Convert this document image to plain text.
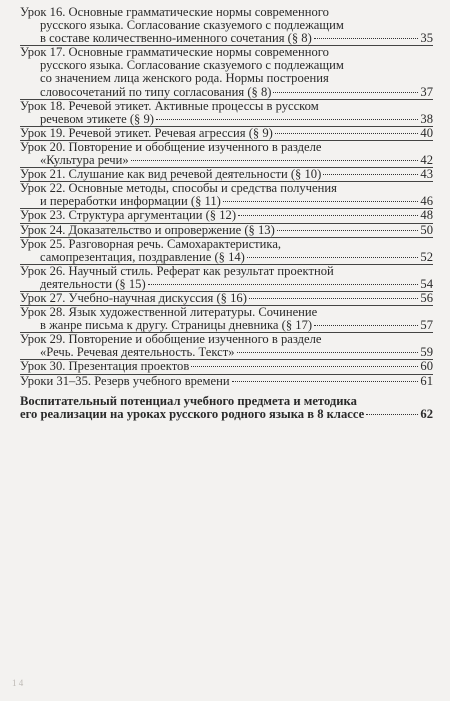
Урок 16. Основные грамматические нормы современного
русского языка. Согласование сказуемого с подлежащим
в составе количественно-именного сочетания (§ 8)	35
Урок 17. Основные грамматические нормы современного
русского языка. Согласование сказуемого с подлежащим
со значением лица женского рода. Нормы построения
словосочетаний по типу согласования (§ 8)	37
Урок 18. Речевой этикет. Активные процессы в русском
речевом этикете (§ 9)	38
Урок 19. Речевой этикет. Речевая агрессия (§ 9)	40
Урок 20. Повторение и обобщение изученного в разделе
«Культура речи»	42
Урок 21. Слушание как вид речевой деятельности (§ 10)	43
Урок 22. Основные методы, способы и средства получения
и переработки информации (§ 11)	46
Урок 23. Структура аргументации (§ 12)	48
Урок 24. Доказательство и опровержение (§ 13)	50
Урок 25. Разговорная речь. Самохарактеристика,
самопрезентация, поздравление (§ 14)	52
Урок 26. Научный стиль. Реферат как результат проектной
деятельности (§ 15)	54
Урок 27. Учебно-научная дискуссия (§ 16)	56
Урок 28. Язык художественной литературы. Сочинение
в жанре письма к другу. Страницы дневника (§ 17)	57
Урок 29. Повторение и обобщение изученного в разделе
«Речь. Речевая деятельность. Текст»	59
Урок 30. Презентация проектов	60
Уроки 31–35. Резерв учебного времени	61
Воспитательный потенциал учебного предмета и методика
его реализации на уроках русского родного языка в 8 классе	62
1 4
